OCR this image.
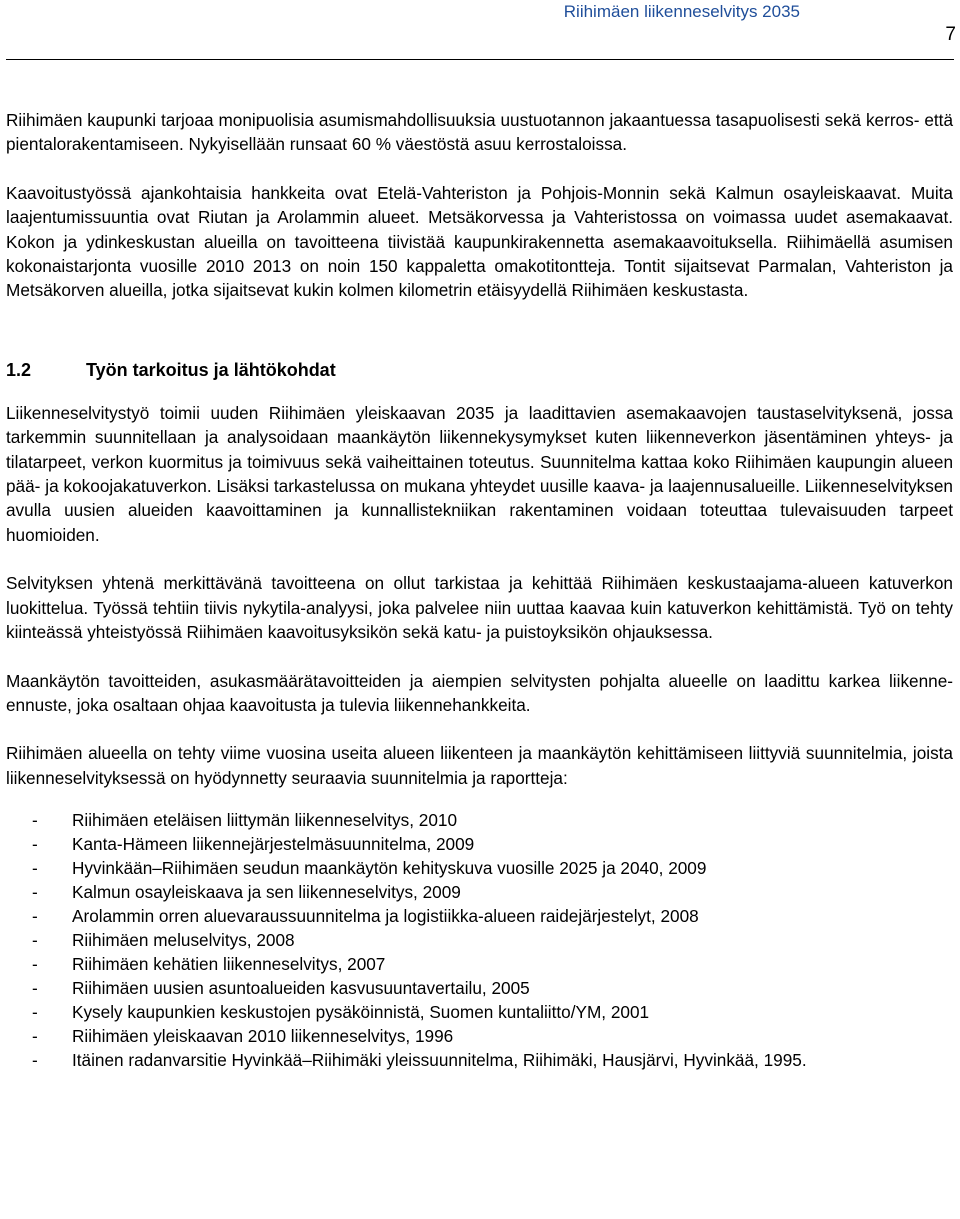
Riihimäen liikenneselvitys 2035
7

Riihimäen kaupunki tarjoaa monipuolisia asumismahdollisuuksia uustuotannon jakaantuessa tasapuolisesti sekä kerros- että pientalorakentamiseen. Nykyisellään runsaat 60 % väestöstä asuu kerrostaloissa.

Kaavoitustyössä ajankohtaisia hankkeita ovat Etelä-Vahteriston ja Pohjois-Monnin sekä Kalmun osayleiskaavat. Muita laajentumissuuntia ovat Riutan ja Arolammin alueet. Metsäkorvessa ja Vahteristossa on voimassa uudet asemakaavat. Kokon ja ydinkeskustan alueilla on tavoitteena tiivistää kaupunkirakennetta asemakaavoituksella. Riihimäellä asumisen kokonaistarjonta vuosille 2010 2013 on noin 150 kappaletta omakotitontteja. Tontit sijaitsevat Parmalan, Vahteriston ja Metsäkorven alueilla, jotka sijaitsevat kukin kolmen kilometrin etäisyydellä Riihimäen keskustasta.

1.2	Työn tarkoitus ja lähtökohdat

Liikenneselvitystyö toimii uuden Riihimäen yleiskaavan 2035 ja laadittavien asemakaavojen taustaselvityksenä, jossa tarkemmin suunnitellaan ja analysoidaan maankäytön liikennekysymykset kuten liikenneverkon jäsentäminen yhteys- ja tilatarpeet, verkon kuormitus ja toimivuus sekä vaiheittainen toteutus. Suunnitelma kattaa koko Riihimäen kaupungin alueen pää- ja kokoojakatuverkon. Lisäksi tarkastelussa on mukana yhteydet uusille kaava- ja laajennusalueille. Liikenneselvityksen avulla uusien alueiden kaavoittaminen ja kunnallistekniikan rakentaminen voidaan toteuttaa tulevaisuuden tarpeet huomioiden.

Selvityksen yhtenä merkittävänä tavoitteena on ollut tarkistaa ja kehittää Riihimäen keskustaajama-alueen katuverkon luokittelua. Työssä tehtiin tiivis nykytila-analyysi, joka palvelee niin uuttaa kaavaa kuin katuverkon kehittämistä. Työ on tehty kiinteässä yhteistyössä Riihimäen kaavoitusyksikön sekä katu- ja puistoyksikön ohjauksessa.

Maankäytön tavoitteiden, asukasmäärätavoitteiden ja aiempien selvitysten pohjalta alueelle on laadittu karkea liikenne-ennuste, joka osaltaan ohjaa kaavoitusta ja tulevia liikennehankkeita.

Riihimäen alueella on tehty viime vuosina useita alueen liikenteen ja maankäytön kehittämiseen liittyviä suunnitelmia, joista liikenneselvityksessä on hyödynnetty seuraavia suunnitelmia ja raportteja:

-	Riihimäen eteläisen liittymän liikenneselvitys, 2010
-	Kanta-Hämeen liikennejärjestelmäsuunnitelma, 2009
-	Hyvinkään–Riihimäen seudun maankäytön kehityskuva vuosille 2025 ja 2040, 2009
-	Kalmun osayleiskaava ja sen liikenneselvitys, 2009
-	Arolammin orren aluevaraussuunnitelma ja logistiikka-alueen raidejärjestelyt, 2008
-	Riihimäen meluselvitys, 2008
-	Riihimäen kehätien liikenneselvitys, 2007
-	Riihimäen uusien asuntoalueiden kasvusuuntavertailu, 2005
-	Kysely kaupunkien keskustojen pysäköinnistä, Suomen kuntaliitto/YM, 2001
-	Riihimäen yleiskaavan 2010 liikenneselvitys, 1996
-	Itäinen radanvarsitie Hyvinkää–Riihimäki yleissuunnitelma, Riihimäki, Hausjärvi, Hyvinkää, 1995.
